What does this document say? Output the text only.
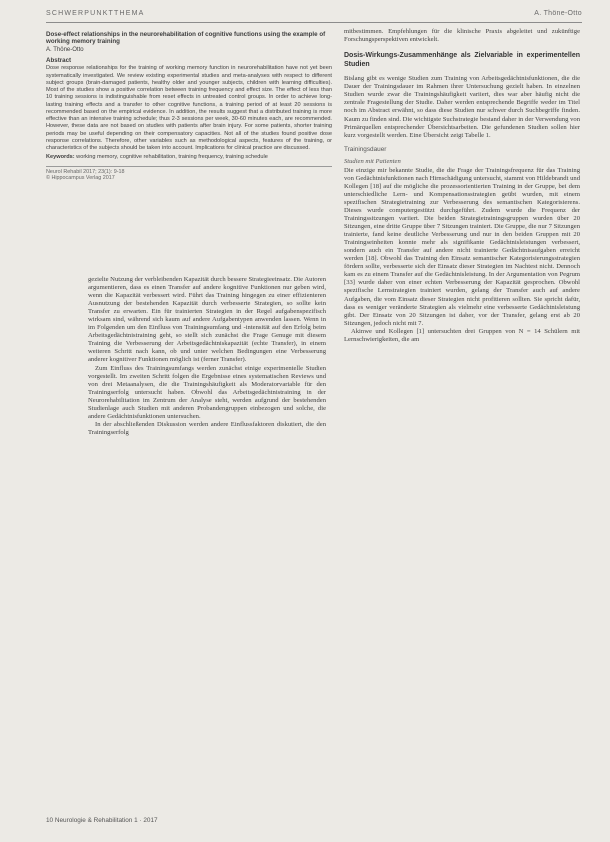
SCHWERPUNKTTHEMA	A. Thöne-Otto
Dose-effect relationships in the neurorehabilitation of cognitive functions using the example of working memory training
A. Thöne-Otto
Abstract
Dose response relationships for the training of working memory function in neurorehabilitation have not yet been systematically investigated. We review existing experimental studies and meta-analyses with respect to different subject groups (brain-damaged patients, healthy older and younger subjects, children with learning difficulties). Most of the studies show a positive correlation between training frequency and effect size. The effect of less than 10 training sessions is indistinguishable from reset effects in untreated control groups. In order to achieve long-lasting training effects and a transfer to other cognitive functions, a training period of at least 20 sessions is recommended based on the empirical evidence. In addition, the results suggest that a distributed training is more effective than an intensive training schedule; thus 2-3 sessions per week, 30-60 minutes each, are recommended. However, these data are not based on studies with patients after brain injury. For some patients, shorter training periods may be useful depending on their compensatory capacities. Not all of the studies found positive dose response correlations. Therefore, other variables such as methodological aspects, features of the training, or characteristics of the subjects should be taken into account. Implications for clinical practice are discussed.
Keywords: working memory, cognitive rehabilitation, training frequency, training schedule
Neurol Rehabil 2017; 23(1): 9-18
© Hippocampus Verlag 2017

gezielte Nutzung der verbleibenden Kapazität durch bessere Strategieeinsatz. Die Autoren argumentieren, dass es einen Transfer auf andere kognitive Funktionen nur geben wird, wenn die Kapazität verbessert wird. Führt das Training hingegen zu einer effizienteren Ausnutzung der bestehenden Kapazität durch verbesserte Strategien, so sollte kein Transfer zu erwarten. Ein für trainierten Strategien in der Regel aufgabenspezifisch wirksam sind, während sich kaum auf andere Aufgabentypen anwenden lassen. Wenn in im Folgenden um den Einfluss von Trainingsumfang und -intensität auf den Erfolg beim Arbeitsgedächtnistraining geht, so stellt sich zunächst die Frage Genuge mit diesem Training die Verbesserung der Arbeitsgedächtniskapazität (echte Transfer), in einem weiteren Schritt nach kann, ob und unter welchen Bedingungen eine Verbesserung anderer kognitiver Funktionen möglich ist (ferner Transfer).

Zum Einfluss des Trainingsumfangs werden zunächst einige experimentelle Studien vorgestellt. Im zweiten Schritt folgen die Ergebnisse eines systematischen Reviews und von drei Metaanalysen, die die Trainingshäufigkeit als Moderatorvariable für den Trainingserfolg untersucht haben. Obwohl das Arbeitsgedächtnistraining in der Neurorehabilitation im Zentrum der Analyse steht, werden aufgrund der bestehenden Studienlage auch Studien mit anderen Probandengruppen einbezogen und solche, die andere Gedächtnisfunktionen untersuchen.

In der abschließenden Diskussion werden andere Einflussfaktoren diskutiert, die den Trainingserfolg

mitbestimmen. Empfehlungen für die klinische Praxis abgeleitet und zukünftige Forschungsperspektiven entwickelt.

Dosis-Wirkungs-Zusammenhänge als Zielvariable in experimentellen Studien

Bislang gibt es wenige Studien zum Training von Arbeitsgedächtnisfunktionen, die die Dauer der Trainingsdauer im Rahmen ihrer Untersuchung gezielt haben. In einzelnen Studien wurde zwar die Trainingshäufigkeit variiert, dies war aber häufig nicht die zentrale Fragestellung der Studie. Daher werden entsprechende Begriffe weder im Titel noch im Abstract erwähnt, so dass diese Studien nur schwer durch Suchbegriffe finden. Kaum zu finden sind. Die wichtigste Suchstrategie bestand daher in der Verwendung von Primärquellen entsprechender Übersichtsarbeiten. Die gefundenen Studien sollen hier kurz vorgestellt werden. Eine Übersicht zeigt Tabelle 1.

Trainingsdauer
Studien mit Patienten

Die einzige mir bekannte Studie, die die Frage der Trainingsfrequenz für das Training von Gedächtnisfunktionen nach Hirnschädigung untersucht, stammt von Hildebrandt und Kollegen [18] auf die mögliche die prozessorientierten Training in der Gruppe, bei dem unterschiedliche Lern- und Kompensationsstrategien geübt wurden, mit einem spezifischen Strategietraining zur Verbesserung des semantischen Kategorisierens. Dieses wurde computergestützt durchgeführt. Zudem wurde die Frequenz der Trainingssitzungen variiert. Die beiden Strategietrainingsgruppen wurden über 20 Sitzungen, eine dritte Gruppe über 7 Sitzungen trainiert. Die Gruppe, die nur 7 Sitzungen trainierte, fand keine deutliche Verbesserung und nur in den beiden Gruppen mit 20 Trainingseinheiten konnte mehr als signifikante Gedächtnisleistungen verbessert, sondern auch ein Transfer auf andere nicht trainierte Gedächtnisaufgaben erreicht werden [18]. Obwohl das Training den Einsatz semantischer Kategorisierungsstrategien fördern sollte, verbesserte sich der Einsatz dieser Strategien im Nachtest nicht. Dennoch kam es zu einem Transfer auf die Gedächtnisleistung. In der Argumentation von Pegrum [33] wurde daher von einer echten Verbesserung der Kapazität gesprochen. Obwohl spezifische Lernstrategien trainiert wurden, gelang der Transfer auch auf andere Aufgaben, die vom Einsatz dieser Strategien nicht profitieren sollten. Sie spricht dafür, dass es weniger veränderte Strategien als vielmehr eine verbesserte Gedächtnisleistung gibt. Der Einsatz von 20 Sitzungen ist daher, vor der Transfer, gelang erst ab 20 Sitzungen, jedoch nicht mit 7.

Akinwe und Kollegen [1] untersuchten drei Gruppen von N = 14 Schülern mit Lernschwierigkeiten, die am

10 Neurologie & Rehabilitation 1 · 2017
